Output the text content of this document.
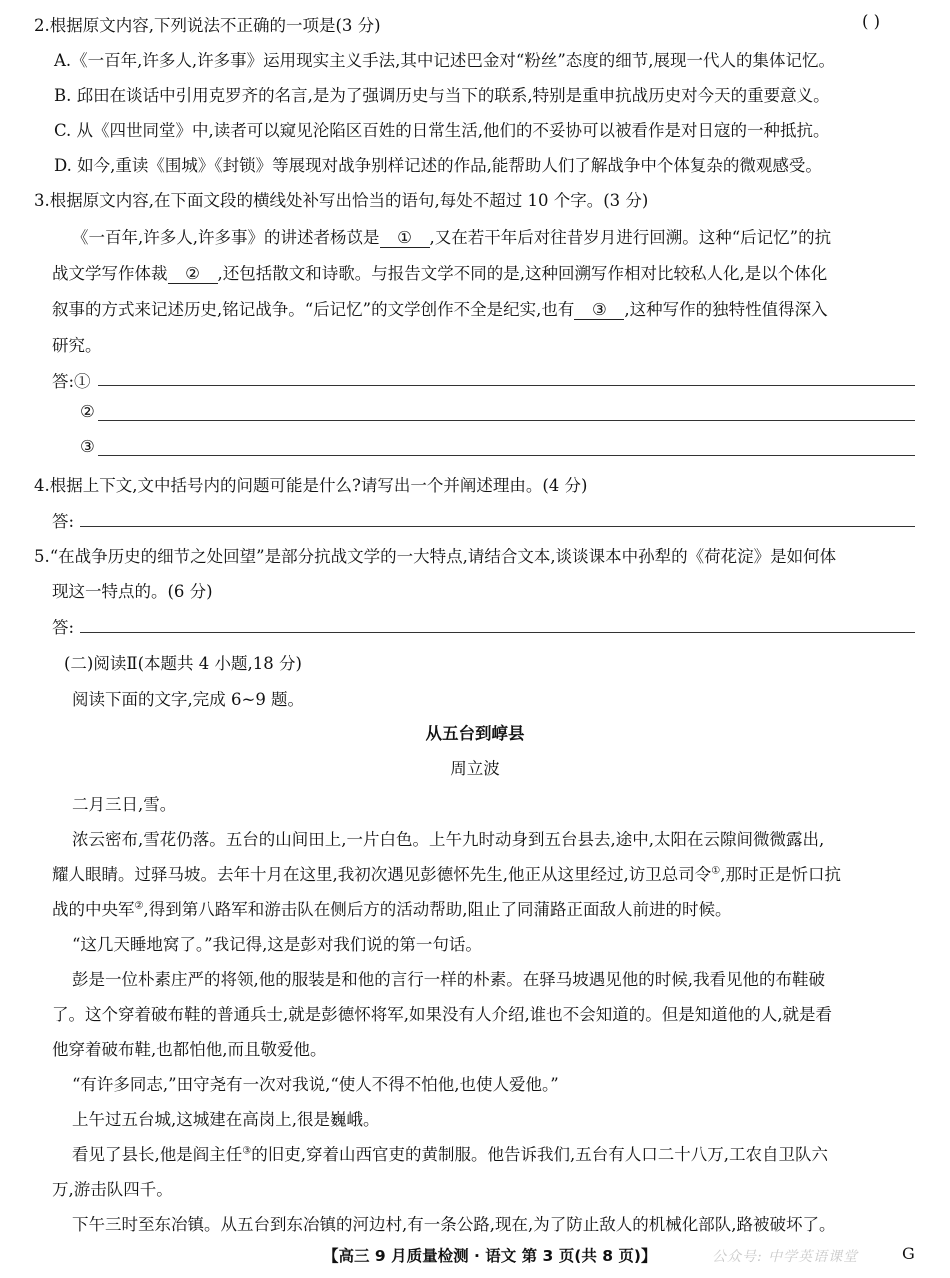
2.根据原文内容,下列说法不正确的一项是(3 分)	( )
A.《一百年,许多人,许多事》运用现实主义手法,其中记述巴金对“粉丝”态度的细节,展现一代人的集体记忆。
B. 邱田在谈话中引用克罗齐的名言,是为了强调历史与当下的联系,特别是重申抗战历史对今天的重要意义。
C. 从《四世同堂》中,读者可以窥见沦陷区百姓的日常生活,他们的不妥协可以被看作是对日寇的一种抵抗。
D. 如今,重读《围城》《封锁》等展现对战争别样记述的作品,能帮助人们了解战争中个体复杂的微观感受。
3.根据原文内容,在下面文段的横线处补写出恰当的语句,每处不超过 10 个字。(3 分)
《一百年,许多人,许多事》的讲述者杨苡是 ① ,又在若干年后对往昔岁月进行回溯。这种“后记忆”的抗
战文学写作体裁 ② ,还包括散文和诗歌。与报告文学不同的是,这种回溯写作相对比较私人化,是以个体化
叙事的方式来记述历史,铭记战争。“后记忆”的文学创作不全是纪实,也有 ③ ,这种写作的独特性值得深入
研究。
答:①
②
③
4.根据上下文,文中括号内的问题可能是什么?请写出一个并阐述理由。(4 分)
答:
5.“在战争历史的细节之处回望”是部分抗战文学的一大特点,请结合文本,谈谈课本中孙犁的《荷花淀》是如何体
现这一特点的。(6 分)
答:
(二)阅读Ⅱ(本题共 4 小题,18 分)
阅读下面的文字,完成 6~9 题。
从五台到崞县
周立波
二月三日,雪。
浓云密布,雪花仍落。五台的山间田上,一片白色。上午九时动身到五台县去,途中,太阳在云隙间微微露出,
耀人眼睛。过驿马坡。去年十月在这里,我初次遇见彭德怀先生,他正从这里经过,访卫总司令①,那时正是忻口抗
战的中央军②,得到第八路军和游击队在侧后方的活动帮助,阻止了同蒲路正面敌人前进的时候。
“这几天睡地窝了。”我记得,这是彭对我们说的第一句话。
彭是一位朴素庄严的将领,他的服装是和他的言行一样的朴素。在驿马坡遇见他的时候,我看见他的布鞋破
了。这个穿着破布鞋的普通兵士,就是彭德怀将军,如果没有人介绍,谁也不会知道的。但是知道他的人,就是看
他穿着破布鞋,也都怕他,而且敬爱他。
“有许多同志,”田守尧有一次对我说,“使人不得不怕他,也使人爱他。”
上午过五台城,这城建在高岗上,很是巍峨。
看见了县长,他是阎主任③的旧吏,穿着山西官吏的黄制服。他告诉我们,五台有人口二十八万,工农自卫队六
万,游击队四千。
下午三时至东冶镇。从五台到东冶镇的河边村,有一条公路,现在,为了防止敌人的机械化部队,路被破坏了。
【高三 9 月质量检测 · 语文 第 3 页(共 8 页)】	公众号: 中学英语课堂	G
